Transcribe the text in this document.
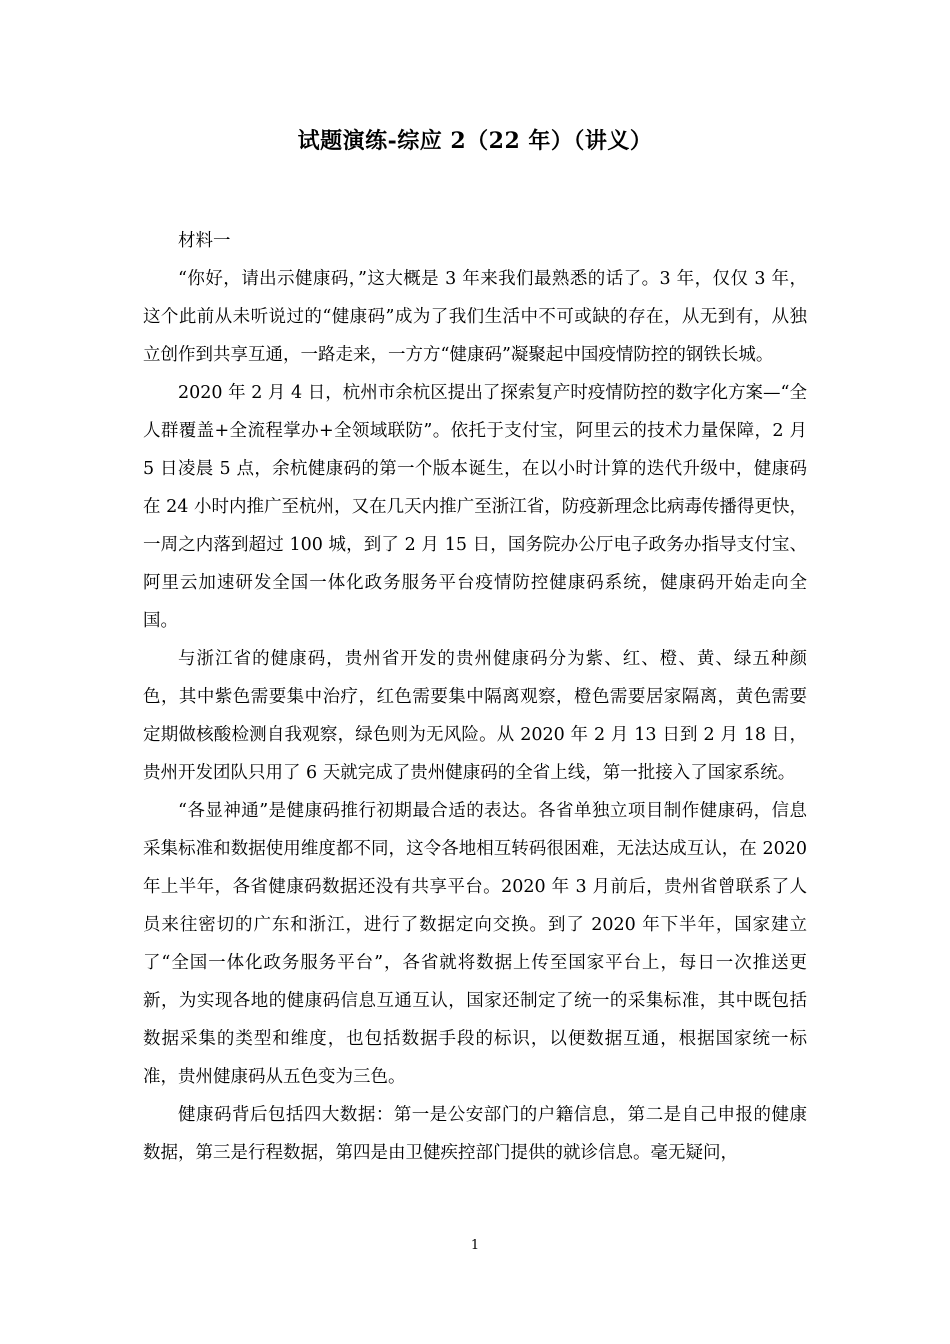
试题演练-综应 2（22 年）（讲义）

材料一

“你好，请出示健康码，”这大概是 3 年来我们最熟悉的话了。3 年，仅仅 3 年，这个此前从未听说过的“健康码”成为了我们生活中不可或缺的存在，从无到有，从独立创作到共享互通，一路走来，一方方“健康码”凝聚起中国疫情防控的钢铁长城。

2020 年 2 月 4 日，杭州市余杭区提出了探索复产时疫情防控的数字化方案—“全人群覆盖+全流程掌办+全领域联防”。依托于支付宝，阿里云的技术力量保障，2 月 5 日凌晨 5 点，余杭健康码的第一个版本诞生，在以小时计算的迭代升级中，健康码在 24 小时内推广至杭州，又在几天内推广至浙江省，防疫新理念比病毒传播得更快，一周之内落到超过 100 城，到了 2 月 15 日，国务院办公厅电子政务办指导支付宝、阿里云加速研发全国一体化政务服务平台疫情防控健康码系统，健康码开始走向全国。

与浙江省的健康码，贵州省开发的贵州健康码分为紫、红、橙、黄、绿五种颜色，其中紫色需要集中治疗，红色需要集中隔离观察，橙色需要居家隔离，黄色需要定期做核酸检测自我观察，绿色则为无风险。从 2020 年 2 月 13 日到 2 月 18 日，贵州开发团队只用了 6 天就完成了贵州健康码的全省上线，第一批接入了国家系统。

“各显神通”是健康码推行初期最合适的表达。各省单独立项目制作健康码，信息采集标准和数据使用维度都不同，这令各地相互转码很困难，无法达成互认，在 2020 年上半年，各省健康码数据还没有共享平台。2020 年 3 月前后，贵州省曾联系了人员来往密切的广东和浙江，进行了数据定向交换。到了 2020 年下半年，国家建立了“全国一体化政务服务平台”，各省就将数据上传至国家平台上，每日一次推送更新，为实现各地的健康码信息互通互认，国家还制定了统一的采集标准，其中既包括数据采集的类型和维度，也包括数据手段的标识，以便数据互通，根据国家统一标准，贵州健康码从五色变为三色。

健康码背后包括四大数据：第一是公安部门的户籍信息，第二是自己申报的健康数据，第三是行程数据，第四是由卫健疾控部门提供的就诊信息。毫无疑问，

1
